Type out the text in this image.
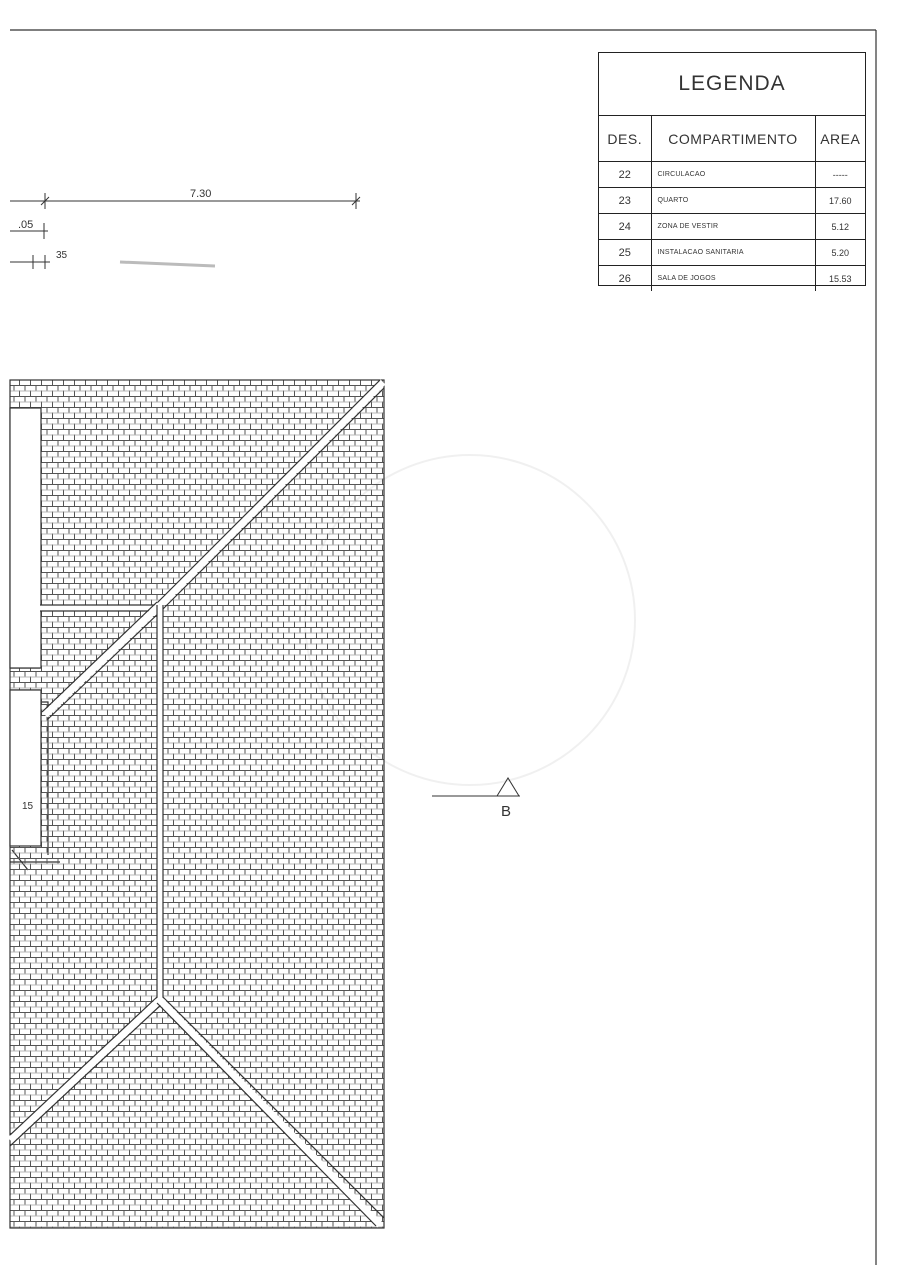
7.30
.05
35
15	B
LEGENDA
DES.	COMPARTIMENTO	AREA
22	CIRCULACAO	-----
23	QUARTO	17.60
24	ZONA DE VESTIR	5.12
25	INSTALACAO SANITARIA	5.20
26	SALA DE JOGOS	15.53
